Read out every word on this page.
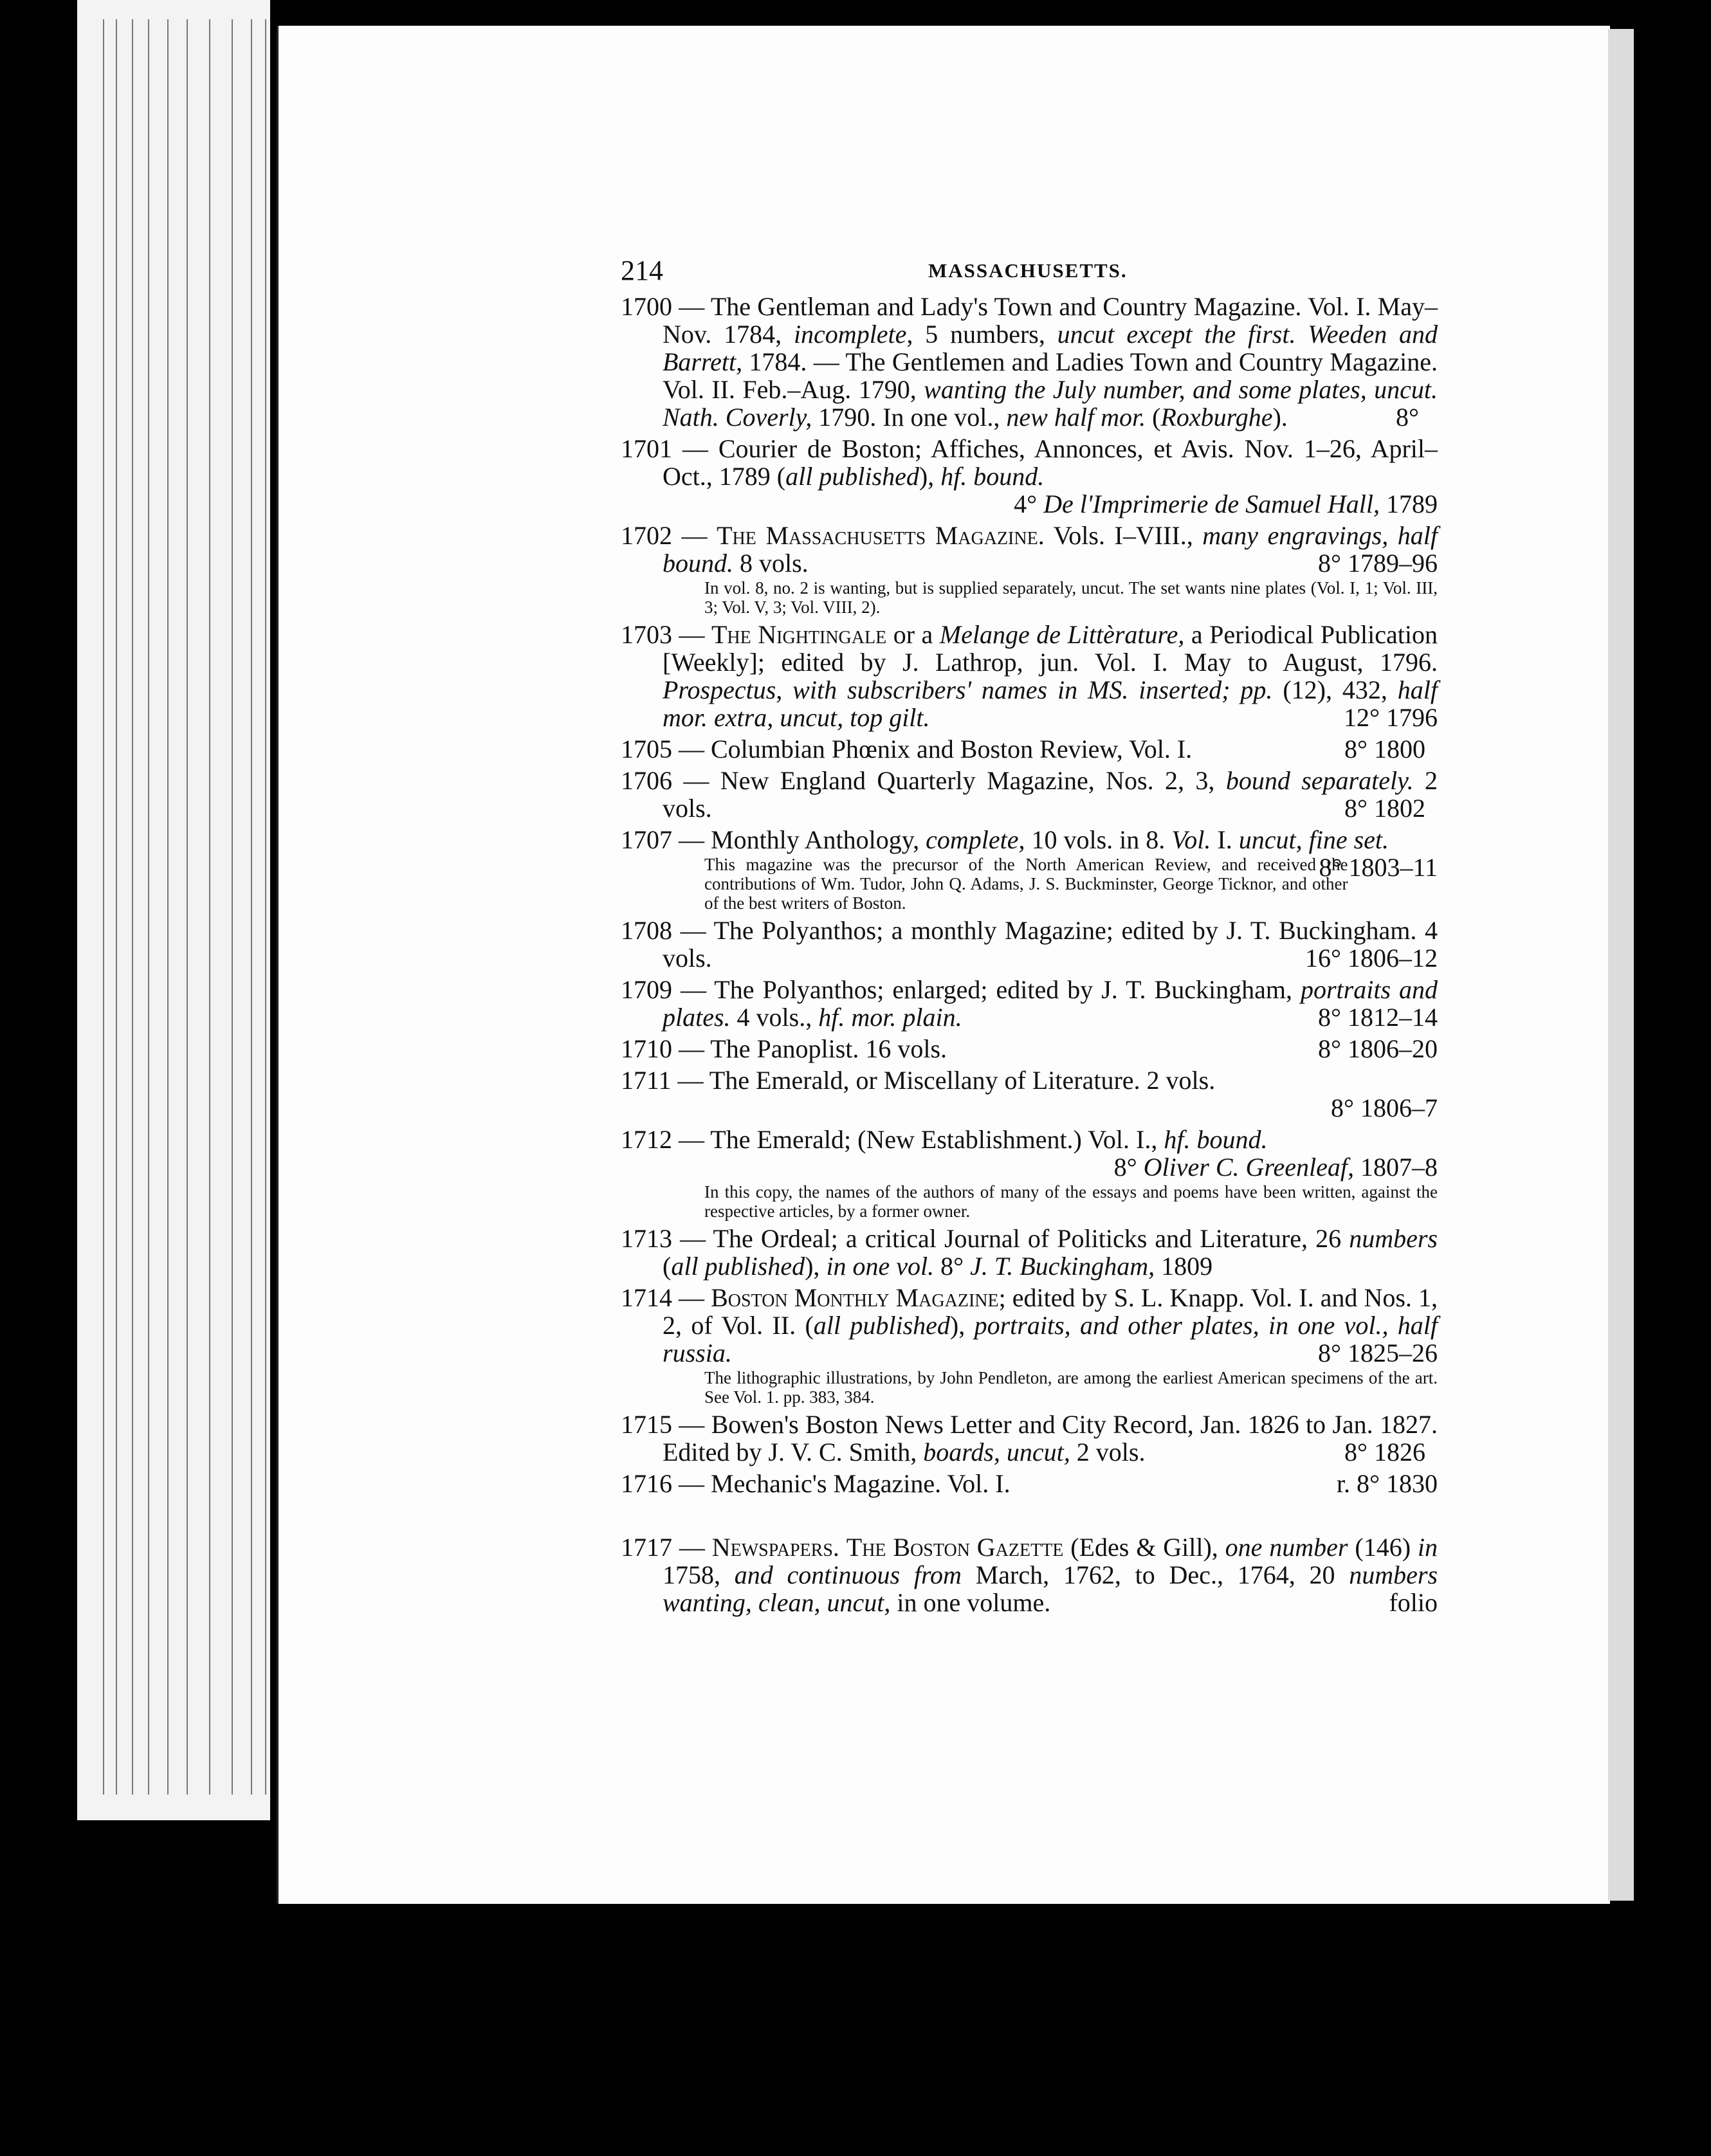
214	MASSACHUSETTS.
1700 — The Gentleman and Lady's Town and Country Magazine. Vol. I. May–Nov. 1784, incomplete, 5 numbers, uncut except the first. Weeden and Barrett, 1784. — The Gentlemen and Ladies Town and Country Magazine. Vol. II. Feb.–Aug. 1790, wanting the July number, and some plates, uncut. Nath. Coverly, 1790. In one vol., new half mor. (Roxburghe).	8°
1701 — Courier de Boston; Affiches, Annonces, et Avis. Nov. 1–26, April–Oct., 1789 (all published), hf. bound.
4° De l'Imprimerie de Samuel Hall, 1789
1702 — The Massachusetts Magazine. Vols. I–VIII., many engravings, half bound. 8 vols.	8° 1789–96
In vol. 8, no. 2 is wanting, but is supplied separately, uncut. The set wants nine plates (Vol. I, 1; Vol. III, 3; Vol. V, 3; Vol. VIII, 2).
1703 — The Nightingale or a Melange de Littèrature, a Periodical Publication [Weekly]; edited by J. Lathrop, jun. Vol. I. May to August, 1796. Prospectus, with subscribers' names in MS. inserted; pp. (12), 432, half mor. extra, uncut, top gilt.	12° 1796
1705 — Columbian Phœnix and Boston Review, Vol. I.	8° 1800
1706 — New England Quarterly Magazine, Nos. 2, 3, bound separately. 2 vols.	8° 1802
1707 — Monthly Anthology, complete, 10 vols. in 8. Vol. I. uncut, fine set.
8° 1803–11
This magazine was the precursor of the North American Review, and received the contributions of Wm. Tudor, John Q. Adams, J. S. Buckminster, George Ticknor, and other of the best writers of Boston.
1708 — The Polyanthos; a monthly Magazine; edited by J. T. Buckingham. 4 vols.	16° 1806–12
1709 — The Polyanthos; enlarged; edited by J. T. Buckingham, portraits and plates. 4 vols., hf. mor. plain.	8° 1812–14
1710 — The Panoplist. 16 vols.	8° 1806–20
1711 — The Emerald, or Miscellany of Literature. 2 vols.
8° 1806–7
1712 — The Emerald; (New Establishment.) Vol. I., hf. bound.
8° Oliver C. Greenleaf, 1807–8
In this copy, the names of the authors of many of the essays and poems have been written, against the respective articles, by a former owner.
1713 — The Ordeal; a critical Journal of Politicks and Literature, 26 numbers (all published), in one vol. 8° J. T. Buckingham, 1809
1714 — Boston Monthly Magazine; edited by S. L. Knapp. Vol. I. and Nos. 1, 2, of Vol. II. (all published), portraits, and other plates, in one vol., half russia.	8° 1825–26
The lithographic illustrations, by John Pendleton, are among the earliest American specimens of the art. See Vol. 1. pp. 383, 384.
1715 — Bowen's Boston News Letter and City Record, Jan. 1826 to Jan. 1827. Edited by J. V. C. Smith, boards, uncut, 2 vols.	8° 1826
1716 — Mechanic's Magazine. Vol. I.	r. 8° 1830
1717 — Newspapers. The Boston Gazette (Edes & Gill), one number (146) in 1758, and continuous from March, 1762, to Dec., 1764, 20 numbers wanting, clean, uncut, in one volume.	folio
